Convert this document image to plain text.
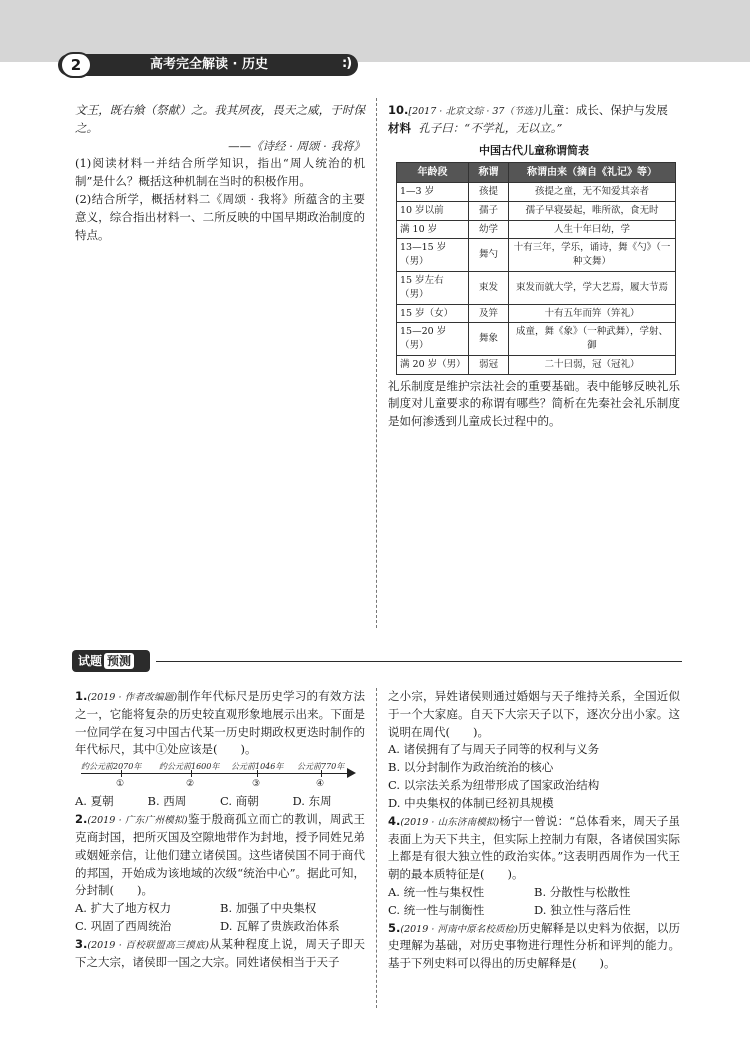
2	高考完全解读 · 历史	:)

文王，既右飨（祭献）之。我其夙夜，畏天之威，于时保之。

——《诗经 · 周颂 · 我将》

(1)阅读材料一并结合所学知识，指出“周人统治的机制”是什么？概括这种机制在当时的积极作用。

(2)结合所学，概括材料二《周颂 · 我将》所蕴含的主要意义，综合指出材料一、二所反映的中国早期政治制度的特点。

10.[2017 · 北京文综 · 37（节选）]儿童：成长、保护与发展

材料 孔子曰：“不学礼，无以立。”

中国古代儿童称谓简表
年龄段	称谓	称谓由来（摘自《礼记》等）
1—3 岁	孩提	孩提之童，无不知爱其亲者
10 岁以前	孺子	孺子早寝晏起，唯所欲，食无时
满 10 岁	幼学	人生十年曰幼，学
13—15 岁（男）	舞勺	十有三年，学乐，诵诗，舞《勺》（一种文舞）
15 岁左右（男）	束发	束发而就大学，学大艺焉，履大节焉
15 岁（女）	及笄	十有五年而笄（笄礼）
15—20 岁（男）	舞象	成童，舞《象》（一种武舞），学射、御
满 20 岁（男）	弱冠	二十曰弱，冠（冠礼）

礼乐制度是维护宗法社会的重要基础。表中能够反映礼乐制度对儿童要求的称谓有哪些？简析在先秦社会礼乐制度是如何渗透到儿童成长过程中的。

试题 预测

1.(2019 · 作者改编题)制作年代标尺是历史学习的有效方法之一，它能将复杂的历史较直观形象地展示出来。下面是一位同学在复习中国古代某一历史时期政权更迭时制作的年代标尺，其中①处应该是(　　)。

约公元前2070年 约公元前1600年 公元前1046年 公元前770年
①	②	③	④
A. 夏朝	B. 西周	C. 商朝	D. 东周

2.(2019 · 广东广州模拟)鉴于殷商孤立而亡的教训，周武王克商封国，把所灭国及空隙地带作为封地，授予同姓兄弟或姻娅亲信，让他们建立诸侯国。这些诸侯国不同于商代的邦国，开始成为该地域的次级“统治中心”。据此可知，分封制(　　)。

A. 扩大了地方权力	B. 加强了中央集权
C. 巩固了西周统治	D. 瓦解了贵族政治体系

3.(2019 · 百校联盟高三摸底)从某种程度上说，周天子即天下之大宗，诸侯即一国之大宗。同姓诸侯相当于天子

之小宗，异姓诸侯则通过婚姻与天子维持关系，全国近似于一个大家庭。自天下大宗天子以下，逐次分出小家。这说明在周代(　　)。

A. 诸侯拥有了与周天子同等的权利与义务
B. 以分封制作为政治统治的核心
C. 以宗法关系为纽带形成了国家政治结构
D. 中央集权的体制已经初具规模

4.(2019 · 山东济南模拟)杨宁一曾说：“总体看来，周天子虽表面上为天下共主，但实际上控制力有限，各诸侯国实际上都是有很大独立性的政治实体。”这表明西周作为一代王朝的最本质特征是(　　)。

A. 统一性与集权性	B. 分散性与松散性
C. 统一性与制衡性	D. 独立性与落后性

5.(2019 · 河南中原名校质检)历史解释是以史料为依据，以历史理解为基础，对历史事物进行理性分析和评判的能力。基于下列史料可以得出的历史解释是(　　)。
